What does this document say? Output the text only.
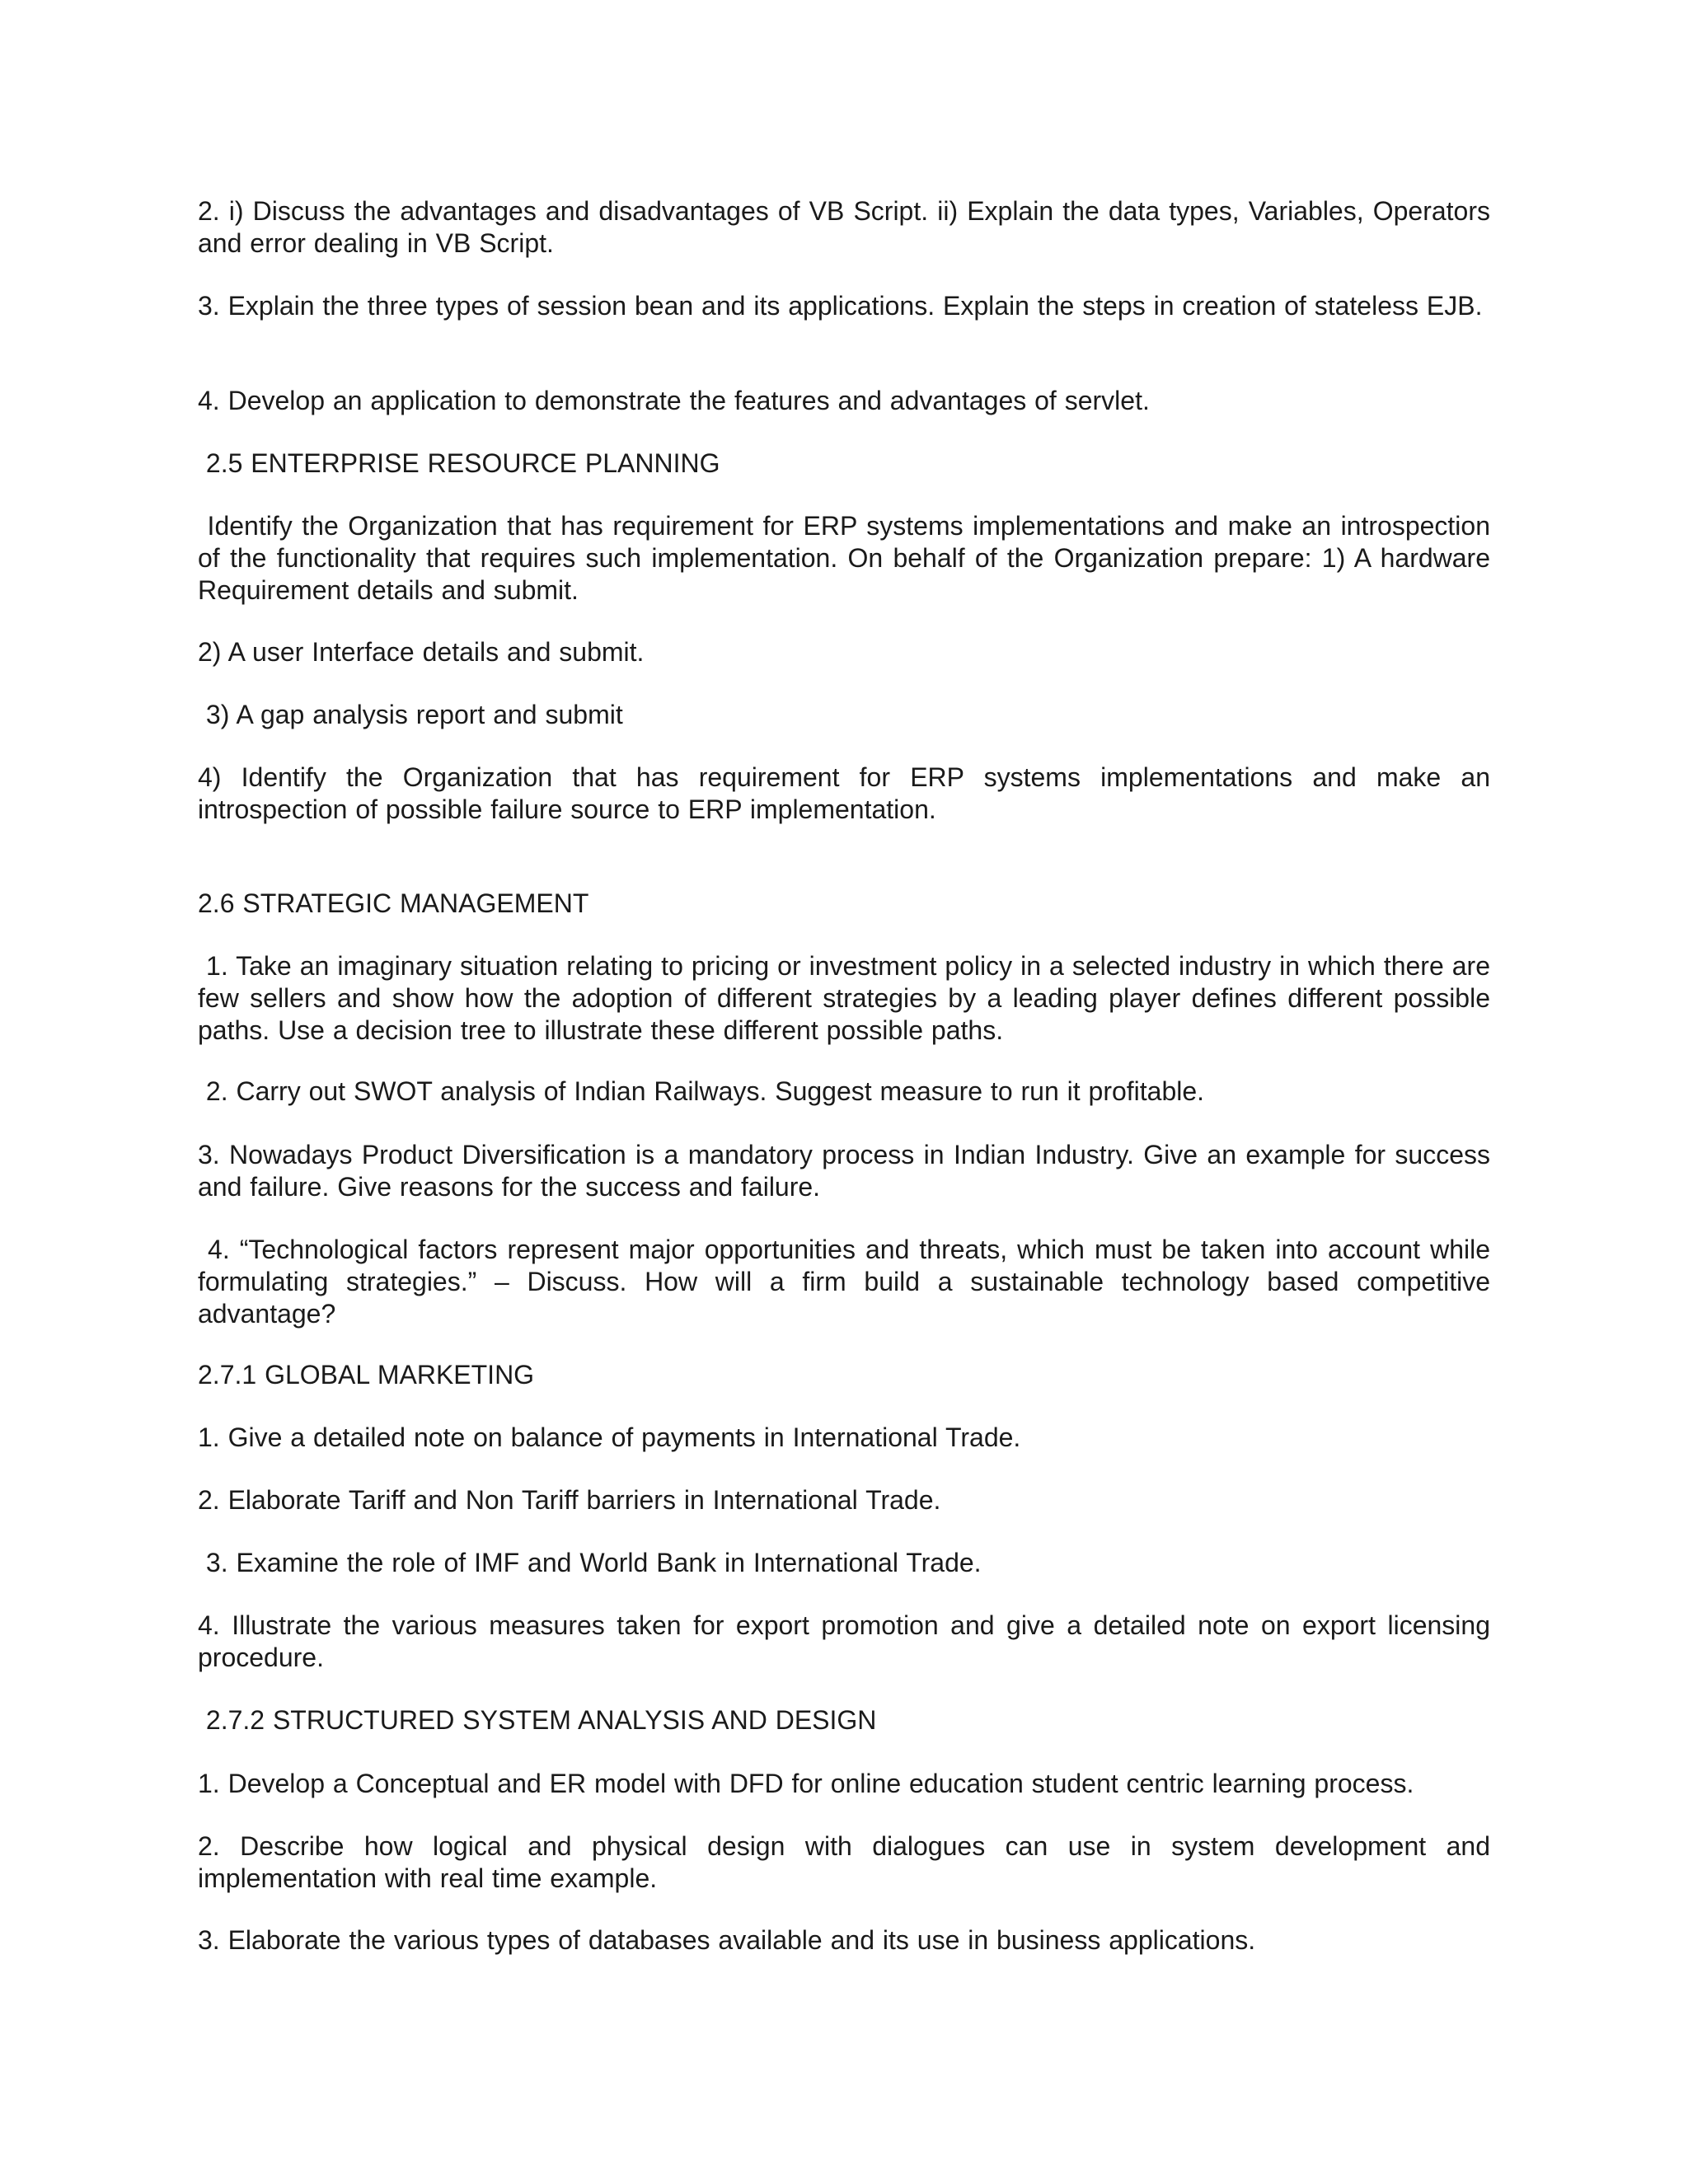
2. i) Discuss the advantages and disadvantages of VB Script. ii) Explain the data types, Variables, Operators and error dealing in VB Script.

3. Explain the three types of session bean and its applications. Explain the steps in creation of stateless EJB.

4. Develop an application to demonstrate the features and advantages of servlet.

2.5 ENTERPRISE RESOURCE PLANNING

Identify the Organization that has requirement for ERP systems implementations and make an introspection of the functionality that requires such implementation. On behalf of the Organization prepare: 1) A hardware Requirement details and submit.

2) A user Interface details and submit.

3) A gap analysis report and submit

4) Identify the Organization that has requirement for ERP systems implementations and make an introspection of possible failure source to ERP implementation.

2.6 STRATEGIC MANAGEMENT

1. Take an imaginary situation relating to pricing or investment policy in a selected industry in which there are few sellers and show how the adoption of different strategies by a leading player defines different possible paths. Use a decision tree to illustrate these different possible paths.

2. Carry out SWOT analysis of Indian Railways. Suggest measure to run it profitable.

3. Nowadays Product Diversification is a mandatory process in Indian Industry. Give an example for success and failure. Give reasons for the success and failure.

4. “Technological factors represent major opportunities and threats, which must be taken into account while formulating strategies.” – Discuss. How will a firm build a sustainable technology based competitive advantage?

2.7.1 GLOBAL MARKETING

1. Give a detailed note on balance of payments in International Trade.

2. Elaborate Tariff and Non Tariff barriers in International Trade.

3. Examine the role of IMF and World Bank in International Trade.

4. Illustrate the various measures taken for export promotion and give a detailed note on export licensing procedure.

2.7.2 STRUCTURED SYSTEM ANALYSIS AND DESIGN

1. Develop a Conceptual and ER model with DFD for online education student centric learning process.

2. Describe how logical and physical design with dialogues can use in system development and implementation with real time example.

3. Elaborate the various types of databases available and its use in business applications.
